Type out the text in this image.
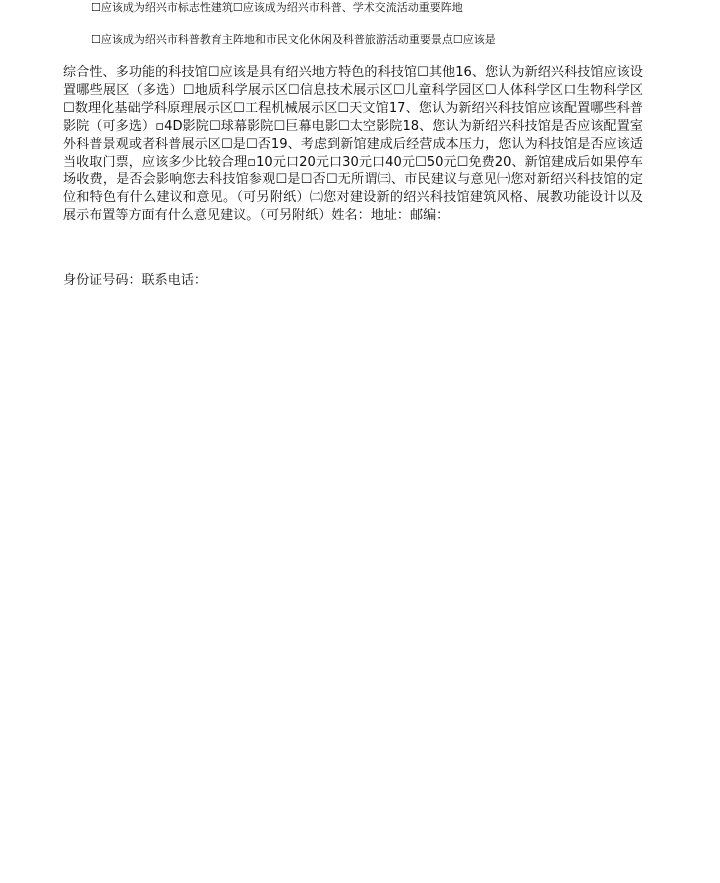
☐应该成为绍兴市标志性建筑☐应该成为绍兴市科普、学术交流活动重要阵地
☐应该成为绍兴市科普教育主阵地和市民文化休闲及科普旅游活动重要景点☐应该是
综合性、多功能的科技馆☐应该是具有绍兴地方特色的科技馆☐其他16、您认为新绍兴科技馆应该设置哪些展区（多选）☐地质科学展示区☐信息技术展示区☐儿童科学园区☐人体科学区口生物科学区☐数理化基础学科原理展示区☐工程机械展示区☐天文馆17、您认为新绍兴科技馆应该配置哪些科普影院（可多选）▫4D影院☐球幕影院☐巨幕电影☐太空影院18、您认为新绍兴科技馆是否应该配置室外科普景观或者科普展示区☐是☐否19、考虑到新馆建成后经营成本压力，您认为科技馆是否应该适当收取门票，应该多少比较合理▫10元口20元口30元口40元☐50元☐免费20、新馆建成后如果停车场收费，是否会影响您去科技馆参观☐是☐否☐无所谓㈢、市民建议与意见㈠您对新绍兴科技馆的定位和特色有什么建议和意见。（可另附纸）㈡您对建设新的绍兴科技馆建筑风格、展教功能设计以及展示布置等方面有什么意见建议。（可另附纸）姓名：地址：邮编：
身份证号码：联系电话：
